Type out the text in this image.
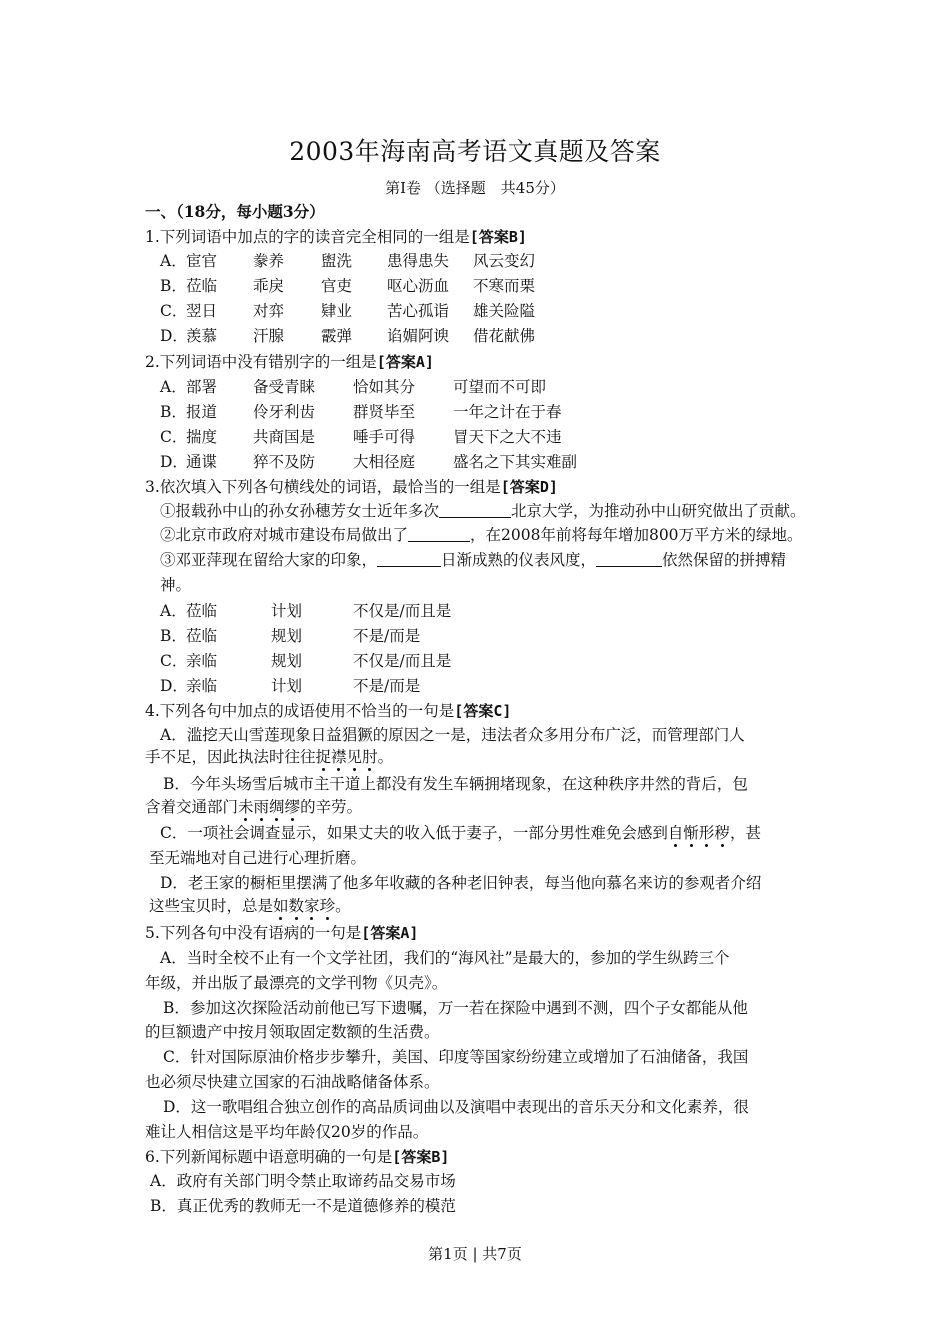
2003年海南高考语文真题及答案
第Ⅰ卷 （选择题　共45分）
一、（18分，每小题3分）
1.下列词语中加点的字的读音完全相同的一组是[答案B]
A．宦官 豢养 盥洗 患得患失 风云变幻
B．莅临 乖戾 官吏 呕心沥血 不寒而栗
C．翌日 对弈 肄业 苦心孤诣 雄关险隘
D．羡慕 汗腺 霰弹 谄媚阿谀 借花献佛
2.下列词语中没有错别字的一组是[答案A]
A．部署 备受青睐 恰如其分 可望而不可即
B．报道 伶牙利齿 群贤毕至 一年之计在于春
C．揣度 共商国是 唾手可得 冒天下之大不违
D．通谍 猝不及防 大相径庭 盛名之下其实难副
3.依次填入下列各句横线处的词语，最恰当的一组是[答案D]
①报载孙中山的孙女孙穗芳女士近年多次	北京大学，为推动孙中山研究做出了贡献。
②北京市政府对城市建设布局做出了	，在2008年前将每年增加800万平方米的绿地。
③邓亚萍现在留给大家的印象，	日渐成熟的仪表风度，	依然保留的拼搏精
神。
A．莅临	计划	不仅是/而且是
B．莅临	规划	不是/而是
C．亲临	规划	不仅是/而且是
D．亲临	计划	不是/而是
4.下列各句中加点的成语使用不恰当的一句是[答案C]
A．滥挖天山雪莲现象日益猖獗的原因之一是，违法者众多用分布广泛，而管理部门人
手不足，因此执法时往往捉襟见肘。
B．今年头场雪后城市主干道上都没有发生车辆拥堵现象，在这种秩序井然的背后，包
含着交通部门未雨绸缪的辛劳。
C．一项社会调查显示，如果丈夫的收入低于妻子，一部分男性难免会感到自惭形秽，甚
至无端地对自己进行心理折磨。
D．老王家的橱柜里摆满了他多年收藏的各种老旧钟表，每当他向慕名来访的参观者介绍
这些宝贝时，总是如数家珍。
5.下列各句中没有语病的一句是[答案A]
A．当时全校不止有一个文学社团，我们的“海风社”是最大的，参加的学生纵跨三个
年级，并出版了最漂亮的文学刊物《贝壳》。
B．参加这次探险活动前他已写下遗嘱，万一若在探险中遇到不测，四个子女都能从他
的巨额遗产中按月领取固定数额的生活费。
C．针对国际原油价格步步攀升，美国、印度等国家纷纷建立或增加了石油储备，我国
也必须尽快建立国家的石油战略储备体系。
D．这一歌唱组合独立创作的高品质词曲以及演唱中表现出的音乐天分和文化素养，很
难让人相信这是平均年龄仅20岁的作品。
6.下列新闻标题中语意明确的一句是[答案B]
A．政府有关部门明令禁止取谛药品交易市场
B．真正优秀的教师无一不是道德修养的模范
第1页 | 共7页
